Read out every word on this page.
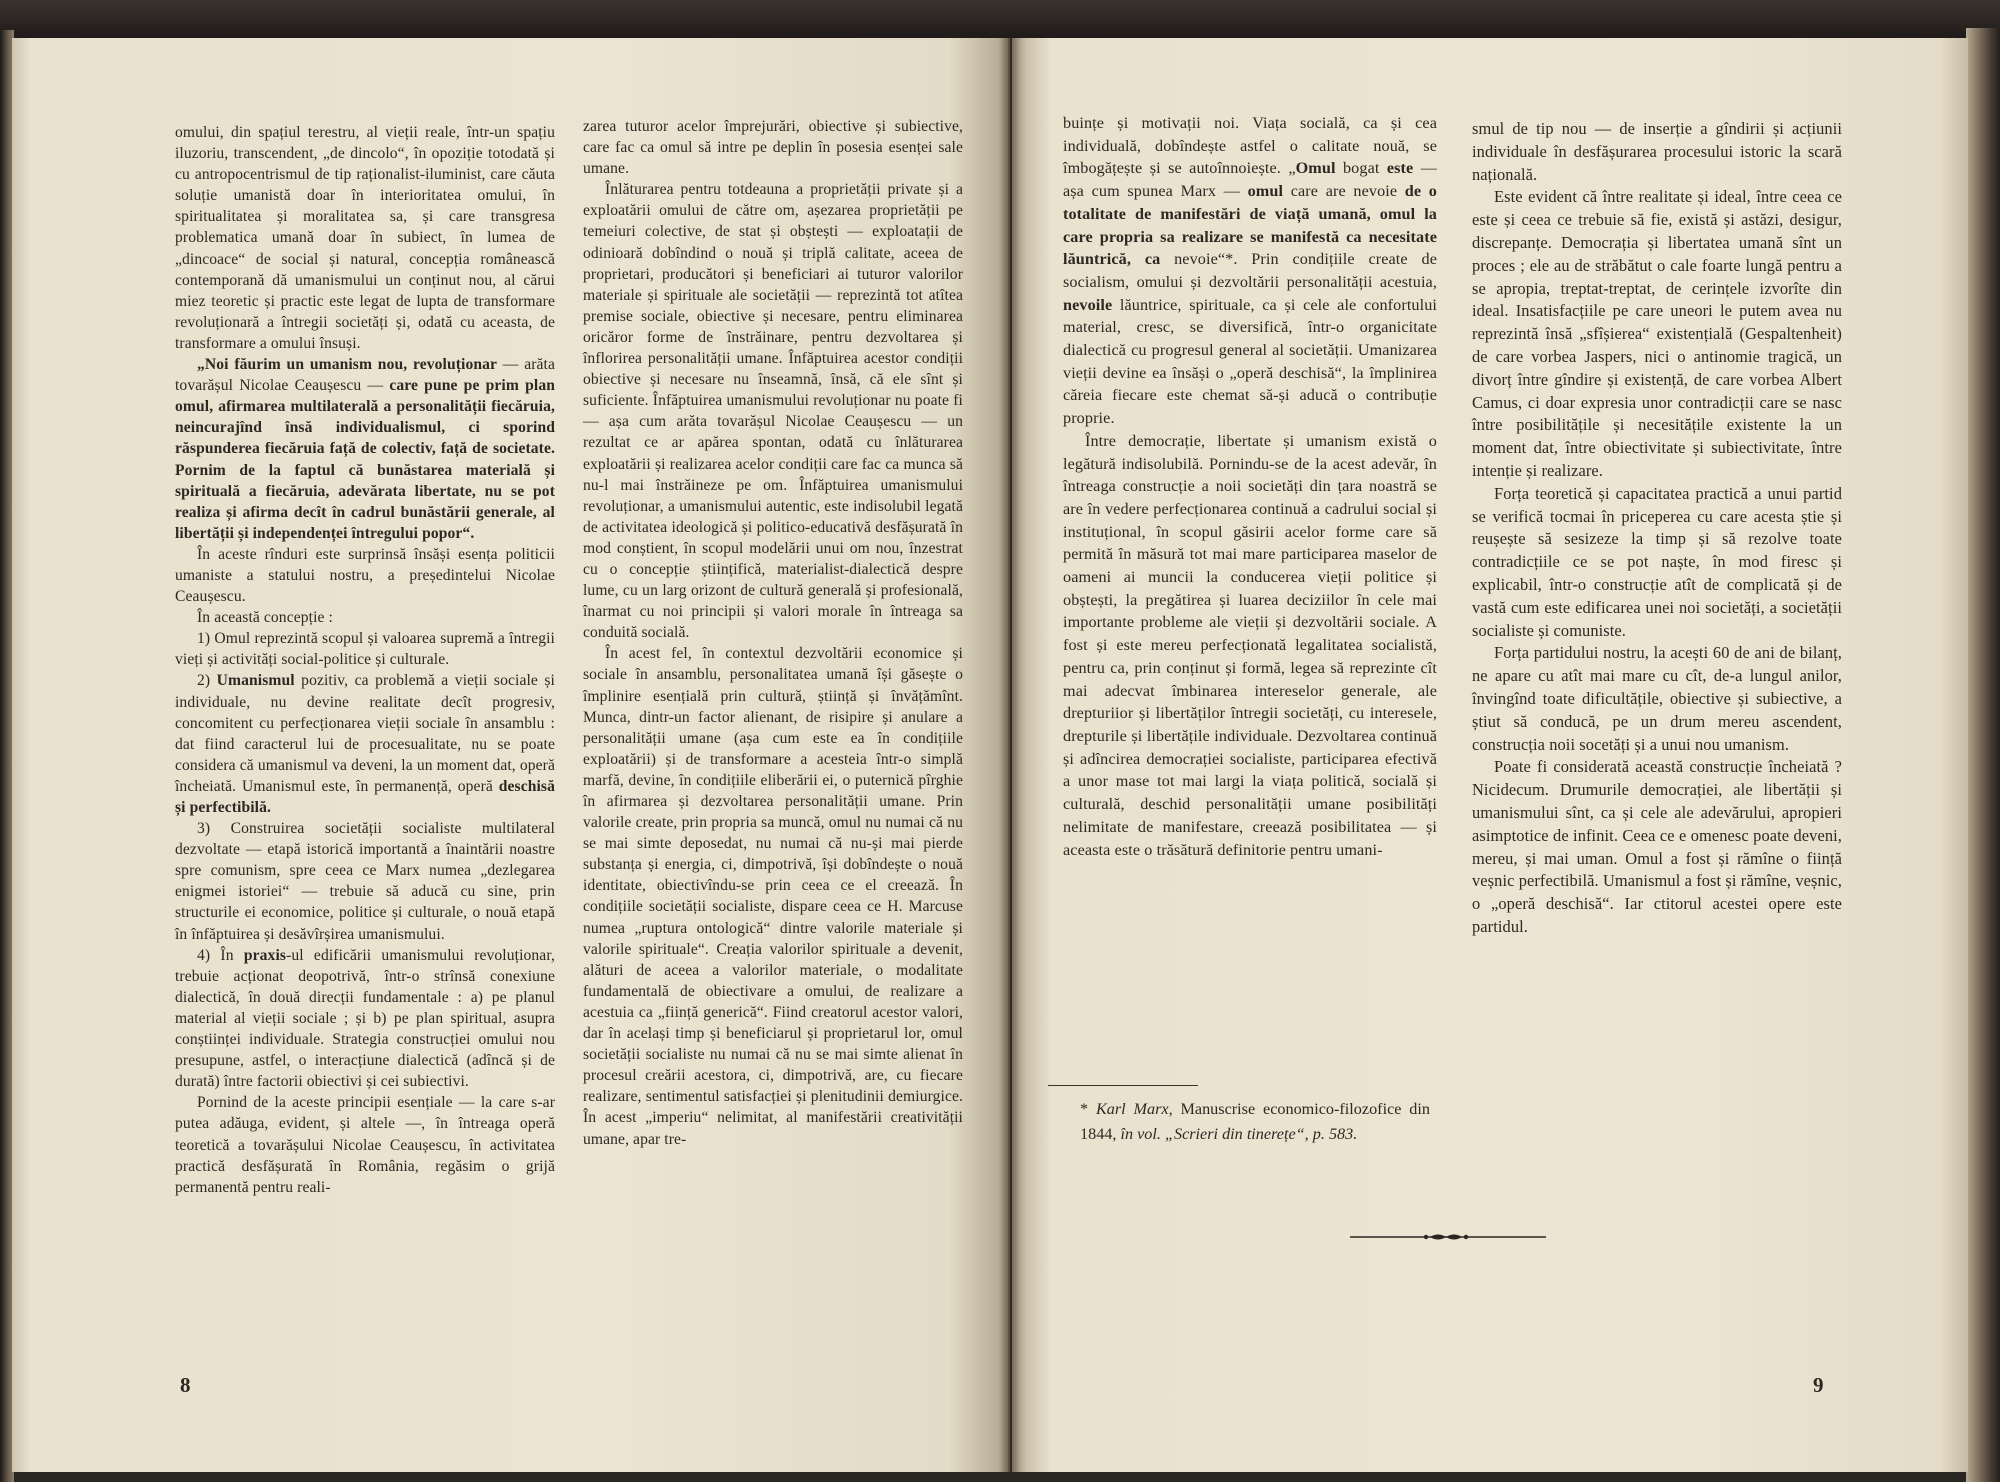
omului, din spațiul terestru, al vieții reale, într-un spațiu iluzoriu, transcendent, „de dincolo“, în opoziție totodată și cu antropocentrismul de tip raționalist-iluminist, care căuta soluție umanistă doar în interioritatea omului, în spiritualitatea și moralitatea sa, și care transgresa problematica umană doar în subiect, în lumea de „dincoace“ de social și natural, concepția românească contemporană dă umanismului un conținut nou, al cărui miez teoretic și practic este legat de lupta de transformare revoluționară a întregii societăți și, odată cu aceasta, de transformare a omului însuși.

„Noi făurim un umanism nou, revoluționar — arăta tovarășul Nicolae Ceaușescu — care pune pe prim plan omul, afirmarea multilaterală a personalității fiecăruia, neincurajînd însă individualismul, ci sporind răspunderea fiecăruia față de colectiv, față de societate. Pornim de la faptul că bunăstarea materială și spirituală a fiecăruia, adevărata libertate, nu se pot realiza și afirma decît în cadrul bunăstării generale, al libertății și independenței întregului popor“.

În aceste rînduri este surprinsă însăși esența politicii umaniste a statului nostru, a președintelui Nicolae Ceaușescu.

În această concepție :

1) Omul reprezintă scopul și valoarea supremă a întregii vieți și activități social-politice și culturale.

2) Umanismul pozitiv, ca problemă a vieții sociale și individuale, nu devine realitate decît progresiv, concomitent cu perfecționarea vieții sociale în ansamblu : dat fiind caracterul lui de procesualitate, nu se poate considera că umanismul va deveni, la un moment dat, operă încheiată. Umanismul este, în permanență, operă deschisă și perfectibilă.

3) Construirea societății socialiste multilateral dezvoltate — etapă istorică importantă a înaintării noastre spre comunism, spre ceea ce Marx numea „dezlegarea enigmei istoriei“ — trebuie să aducă cu sine, prin structurile ei economice, politice și culturale, o nouă etapă în înfăptuirea și desăvîrșirea umanismului.

4) În praxis-ul edificării umanismului revoluționar, trebuie acționat deopotrivă, într-o strînsă conexiune dialectică, în două direcții fundamentale : a) pe planul material al vieții sociale ; și b) pe plan spiritual, asupra conștiinței individuale. Strategia construcției omului nou presupune, astfel, o interacțiune dialectică (adîncă și de durată) între factorii obiectivi și cei subiectivi.

Pornind de la aceste principii esențiale — la care s-ar putea adăuga, evident, și altele —, în întreaga operă teoretică a tovarășului Nicolae Ceaușescu, în activitatea practică desfășurată în România, regăsim o grijă permanentă pentru reali-

zarea tuturor acelor împrejurări, obiective și subiective, care fac ca omul să intre pe deplin în posesia esenței sale umane.

Înlăturarea pentru totdeauna a proprietății private și a exploatării omului de către om, așezarea proprietății pe temeiuri colective, de stat și obștești — exploatații de odinioară dobîndind o nouă și triplă calitate, aceea de proprietari, producători și beneficiari ai tuturor valorilor materiale și spirituale ale societății — reprezintă tot atîtea premise sociale, obiective și necesare, pentru eliminarea oricăror forme de înstrăinare, pentru dezvoltarea și înflorirea personalității umane. Înfăptuirea acestor condiții obiective și necesare nu înseamnă, însă, că ele sînt și suficiente. Înfăptuirea umanismului revoluționar nu poate fi — așa cum arăta tovarășul Nicolae Ceaușescu — un rezultat ce ar apărea spontan, odată cu înlăturarea exploatării și realizarea acelor condiții care fac ca munca să nu-l mai înstrăineze pe om. Înfăptuirea umanismului revoluționar, a umanismului autentic, este indisolubil legată de activitatea ideologică și politico-educativă desfășurată în mod conștient, în scopul modelării unui om nou, înzestrat cu o concepție științifică, materialist-dialectică despre lume, cu un larg orizont de cultură generală și profesională, înarmat cu noi principii și valori morale în întreaga sa conduită socială.

În acest fel, în contextul dezvoltării economice și sociale în ansamblu, personalitatea umană își găsește o împlinire esențială prin cultură, știință și învățămînt. Munca, dintr-un factor alienant, de risipire și anulare a personalității umane (așa cum este ea în condițiile exploatării) și de transformare a acesteia într-o simplă marfă, devine, în condițiile eliberării ei, o puternică pîrghie în afirmarea și dezvoltarea personalității umane. Prin valorile create, prin propria sa muncă, omul nu numai că nu se mai simte deposedat, nu numai că nu-și mai pierde substanța și energia, ci, dimpotrivă, își dobîndește o nouă identitate, obiectivîndu-se prin ceea ce el creează. În condițiile societății socialiste, dispare ceea ce H. Marcuse numea „ruptura ontologică“ dintre valorile materiale și valorile spirituale“. Creația valorilor spirituale a devenit, alături de aceea a valorilor materiale, o modalitate fundamentală de obiectivare a omului, de realizare a acestuia ca „ființă generică“. Fiind creatorul acestor valori, dar în același timp și beneficiarul și proprietarul lor, omul societății socialiste nu numai că nu se mai simte alienat în procesul creării acestora, ci, dimpotrivă, are, cu fiecare realizare, sentimentul satisfacției și plenitudinii demiurgice. În acest „imperiu“ nelimitat, al manifestării creativității umane, apar tre-

buințe și motivații noi. Viața socială, ca și cea individuală, dobîndește astfel o calitate nouă, se îmbogățește și se autoînnoiește. „Omul bogat este — așa cum spunea Marx — omul care are nevoie de o totalitate de manifestări de viață umană, omul la care propria sa realizare se manifestă ca necesitate lăuntrică, ca nevoie“*. Prin condițiile create de socialism, omului și dezvoltării personalității acestuia, nevoile lăuntrice, spirituale, ca și cele ale confortului material, cresc, se diversifică, într-o organicitate dialectică cu progresul general al societății. Umanizarea vieții devine ea însăși o „operă deschisă“, la împlinirea căreia fiecare este chemat să-și aducă o contribuție proprie.

Între democrație, libertate și umanism există o legătură indisolubilă. Pornindu-se de la acest adevăr, în întreaga construcție a noii societăți din țara noastră se are în vedere perfecționarea continuă a cadrului social și instituțional, în scopul găsirii acelor forme care să permită în măsură tot mai mare participarea maselor de oameni ai muncii la conducerea vieții politice și obștești, la pregătirea și luarea deciziilor în cele mai importante probleme ale vieții și dezvoltării sociale. A fost și este mereu perfecționată legalitatea socialistă, pentru ca, prin conținut și formă, legea să reprezinte cît mai adecvat îmbinarea intereselor generale, ale drepturiior și libertăților întregii societăți, cu interesele, drepturile și libertățile individuale. Dezvoltarea continuă și adîncirea democrației socialiste, participarea efectivă a unor mase tot mai largi la viața politică, socială și culturală, deschid personalității umane posibilități nelimitate de manifestare, creează posibilitatea — și aceasta este o trăsătură definitorie pentru umani-

smul de tip nou — de inserție a gîndirii și acțiunii individuale în desfășurarea procesului istoric la scară națională.

Este evident că între realitate și ideal, între ceea ce este și ceea ce trebuie să fie, există și astăzi, desigur, discrepanțe. Democrația și libertatea umană sînt un proces ; ele au de străbătut o cale foarte lungă pentru a se apropia, treptat-treptat, de cerințele izvorîte din ideal. Insatisfacțiile pe care uneori le putem avea nu reprezintă însă „sfîșierea“ existențială (Gespaltenheit) de care vorbea Jaspers, nici o antinomie tragică, un divorț între gîndire și existență, de care vorbea Albert Camus, ci doar expresia unor contradicții care se nasc între posibilitățile și necesitățile existente la un moment dat, între obiectivitate și subiectivitate, între intenție și realizare.

Forța teoretică și capacitatea practică a unui partid se verifică tocmai în priceperea cu care acesta știe și reușește să sesizeze la timp și să rezolve toate contradicțiile ce se pot naște, în mod firesc și explicabil, într-o construcție atît de complicată și de vastă cum este edificarea unei noi societăți, a societății socialiste și comuniste.

Forța partidului nostru, la acești 60 de ani de bilanț, ne apare cu atît mai mare cu cît, de-a lungul anilor, învingînd toate dificultățile, obiective și subiective, a știut să conducă, pe un drum mereu ascendent, construcția noii socetăți și a unui nou umanism.

Poate fi considerată această construcție încheiată ? Nicidecum. Drumurile democrației, ale libertății și umanismului sînt, ca și cele ale adevărului, apropieri asimptotice de infinit. Ceea ce e omenesc poate deveni, mereu, și mai uman. Omul a fost și rămîne o ființă veșnic perfectibilă. Umanismul a fost și rămîne, veșnic, o „operă deschisă“. Iar ctitorul acestei opere este partidul.

* Karl Marx, Manuscrise economico-filozofice din 1844, în vol. „Scrieri din tinerețe“, p. 583.
8	9
